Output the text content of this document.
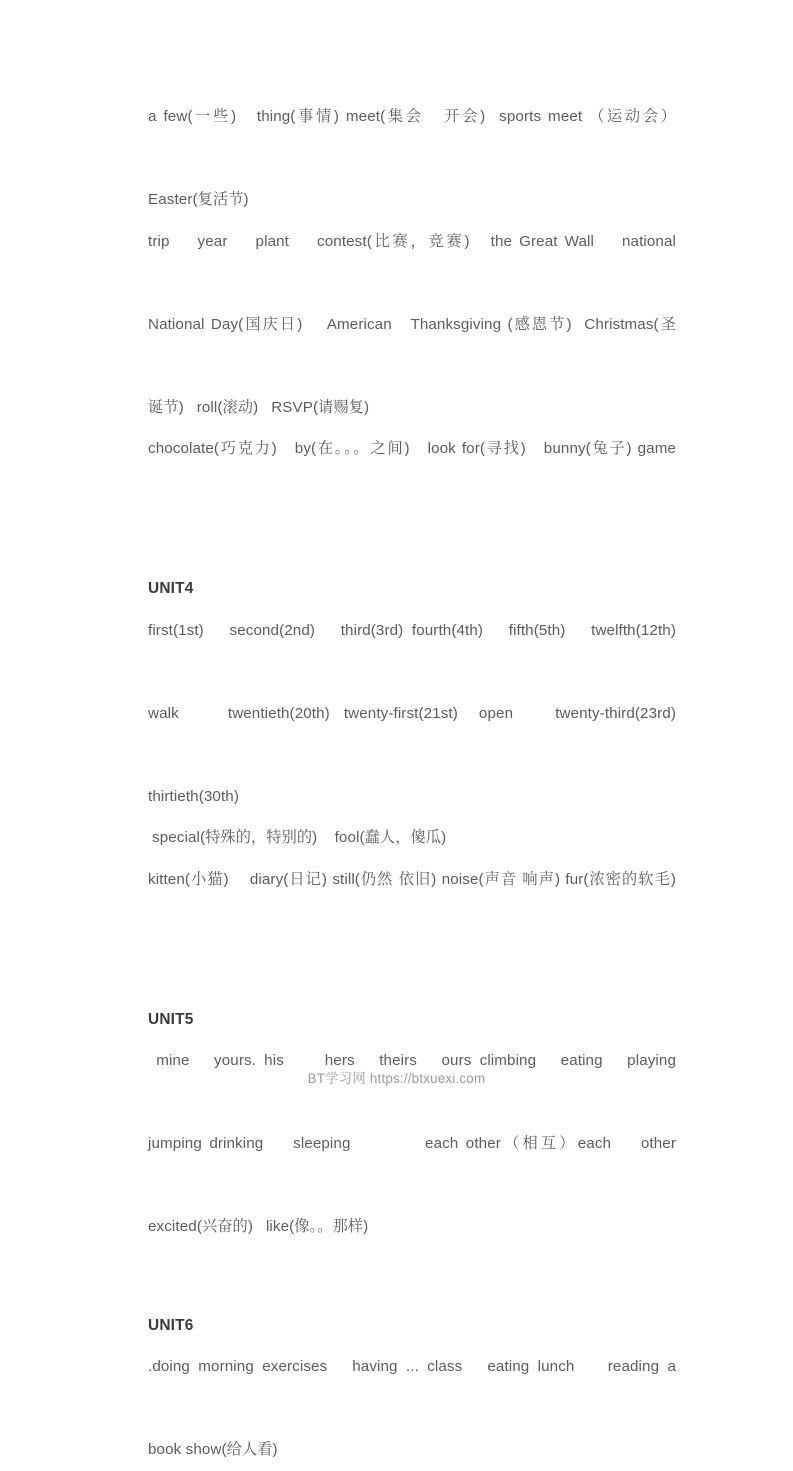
a few(一些)   thing(事情) meet(集会   开会)  sports meet （运动会）
Easter(复活节)
trip    year    plant    contest(比赛，竞赛)   the Great Wall    national
National Day(国庆日)    American   Thanksgiving (感恩节)  Christmas(圣
诞节)   roll(滚动)   RSVP(请赐复)
chocolate(巧克力)   by(在。。。之间)   look for(寻找)   bunny(兔子) game
UNIT4
first(1st)   second(2nd)   third(3rd) fourth(4th)   fifth(5th)   twelfth(12th)
walk       twentieth(20th)  twenty-first(21st)   open      twenty-third(23rd)
thirtieth(30th)
special(特殊的，特别的)    fool(蠢人，傻瓜)
kitten(小猫)    diary(日记) still(仍然 依旧) noise(声音 响声) fur(浓密的软毛)
UNIT5
mine   yours. his     hers   theirs   ours climbing   eating   playing
jumping drinking    sleeping          each other（相互）each    other
excited(兴奋的)   like(像。。那样)
UNIT6
.doing morning exercises   having ... class   eating lunch    reading a
book show(给人看)
BT学习网 https://btxuexi.com
